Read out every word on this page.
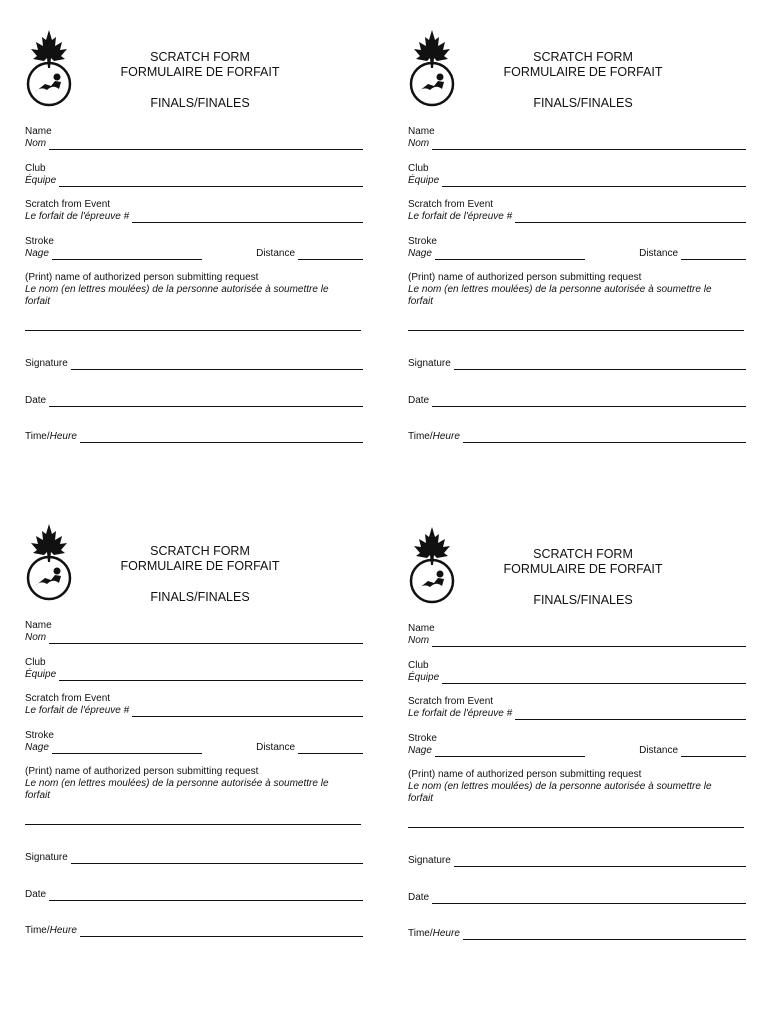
SCRATCH FORM
FORMULAIRE DE FORFAIT
FINALS/FINALES
Name
Nom
Club
Équipe
Scratch from Event
Le forfait de l'épreuve #
Stroke
Nage	Distance
(Print) name of authorized person submitting request
Le nom (en lettres moulées) de la personne autorisée à soumettre le forfait
Signature
Date
Time/ Heure
SCRATCH FORM
FORMULAIRE DE FORFAIT
FINALS/FINALES
Name
Nom
Club
Équipe
Scratch from Event
Le forfait de l'épreuve #
Stroke
Nage	Distance
(Print) name of authorized person submitting request
Le nom (en lettres moulées) de la personne autorisée à soumettre le forfait
Signature
Date
Time/ Heure
SCRATCH FORM
FORMULAIRE DE FORFAIT
FINALS/FINALES
Name
Nom
Club
Équipe
Scratch from Event
Le forfait de l'épreuve #
Stroke
Nage	Distance
(Print) name of authorized person submitting request
Le nom (en lettres moulées) de la personne autorisée à soumettre le forfait
Signature
Date
Time/ Heure
SCRATCH FORM
FORMULAIRE DE FORFAIT
FINALS/FINALES
Name
Nom
Club
Équipe
Scratch from Event
Le forfait de l'épreuve #
Stroke
Nage	Distance
(Print) name of authorized person submitting request
Le nom (en lettres moulées) de la personne autorisée à soumettre le forfait
Signature
Date
Time/ Heure
